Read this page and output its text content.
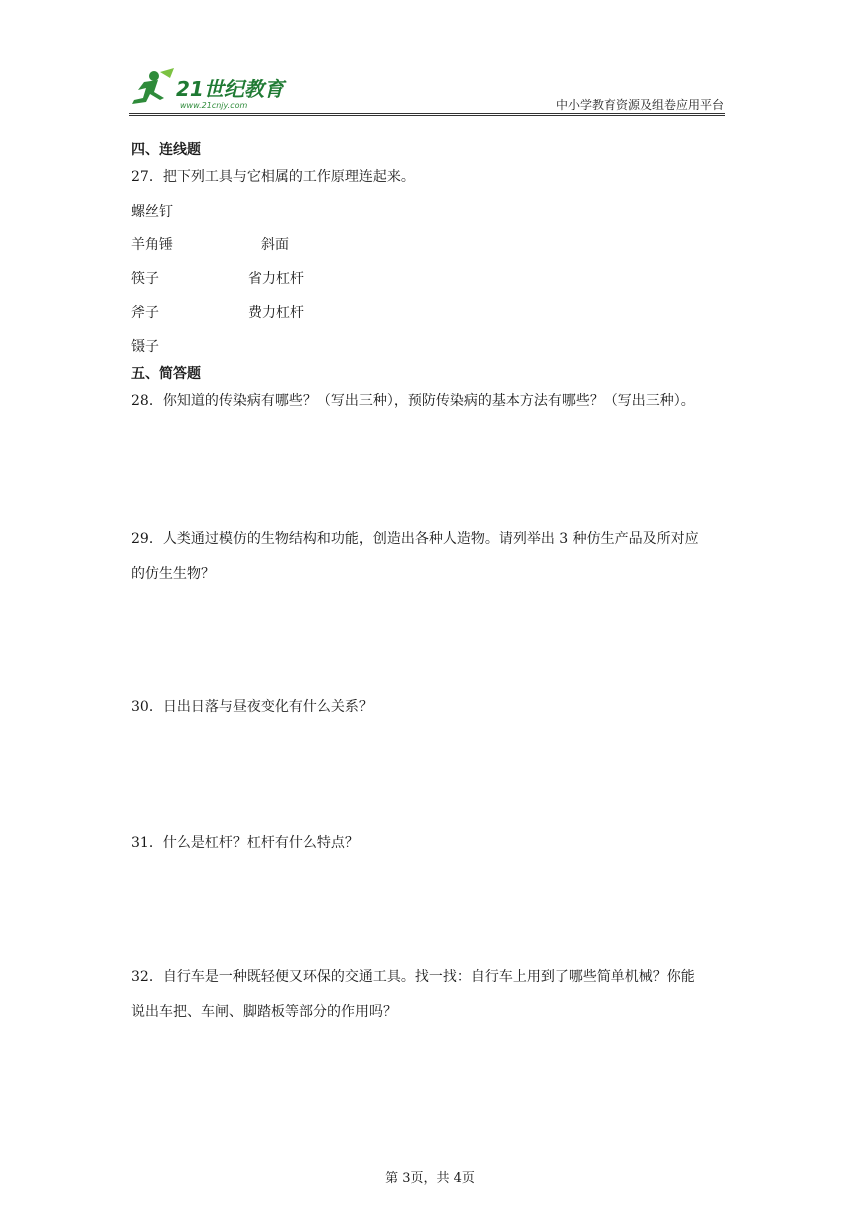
21世纪教育
www.21cnjy.com	中小学教育资源及组卷应用平台
四、连线题
27．把下列工具与它相属的工作原理连起来。
螺丝钉
羊角锤
筷子
斧子
镊子
斜面
省力杠杆
费力杠杆
五、简答题
28．你知道的传染病有哪些？（写出三种），预防传染病的基本方法有哪些？（写出三种）。
29．人类通过模仿的生物结构和功能，创造出各种人造物。请列举出 3 种仿生产品及所对应
的仿生生物？
30．日出日落与昼夜变化有什么关系？
31．什么是杠杆？杠杆有什么特点？
32．自行车是一种既轻便又环保的交通工具。找一找：自行车上用到了哪些简单机械？你能
说出车把、车闸、脚踏板等部分的作用吗？
第 3页，共 4页
